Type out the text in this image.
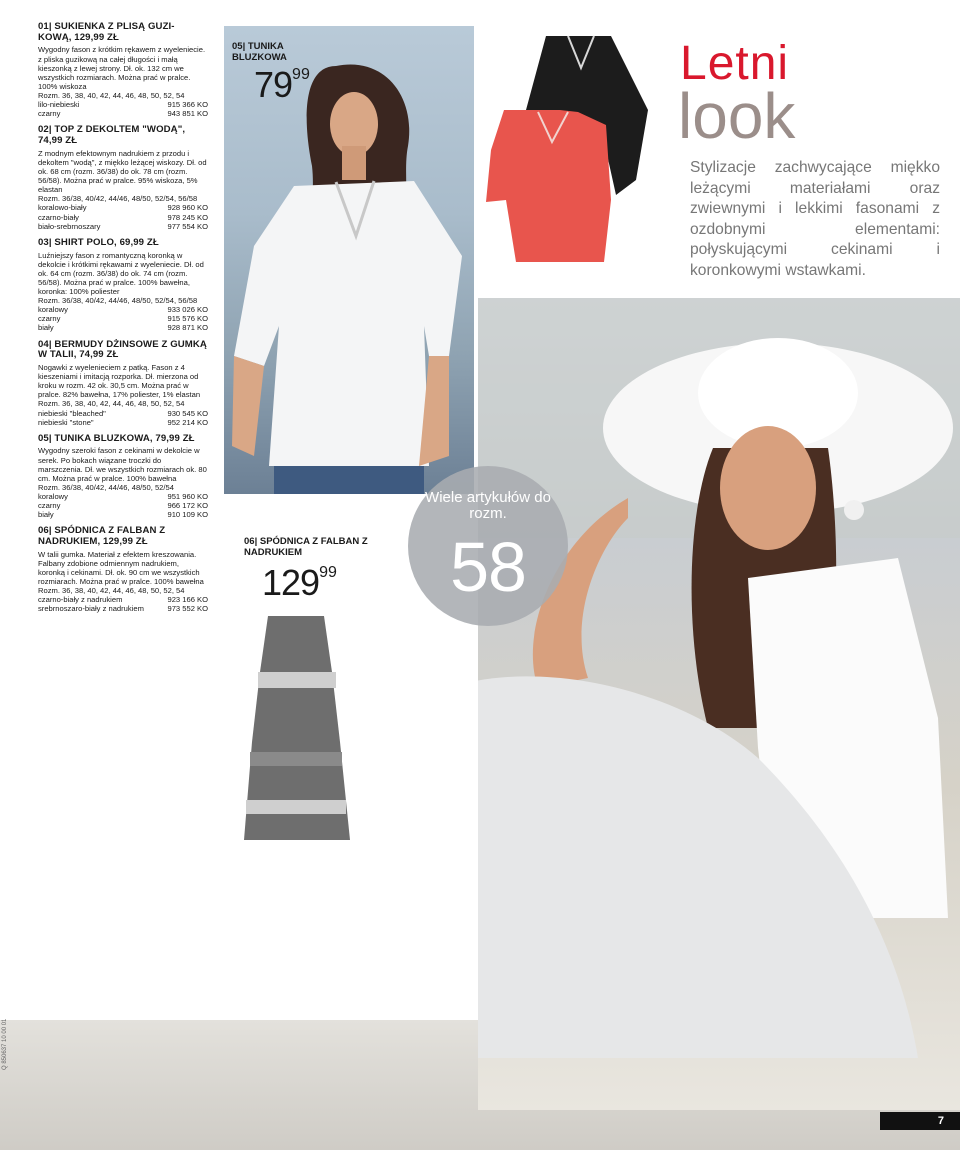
01| SUKIENKA Z PLISĄ GUZI-KOWĄ, 129,99 ZŁ

Wygodny fason z krótkim rękawem z wyeleniecie. z pliska guzikową na całej długości i małą kieszonką z lewej strony. Dł. ok. 132 cm we wszystkich rozmiarach. Można prać w pralce. 100% wiskoza

Rozm. 36, 38, 40, 42, 44, 46, 48, 50, 52, 54

lilo-niebieski	915 366 KO
czarny	943 851 KO
02| TOP Z DEKOLTEM "WODĄ", 74,99 ZŁ

Z modnym efektownym nadrukiem z przodu i dekoltem "wodą", z miękko leżącej wiskozy. Dł. od ok. 68 cm (rozm. 36/38) do ok. 78 cm (rozm. 56/58). Można prać w pralce. 95% wiskoza, 5% elastan

Rozm. 36/38, 40/42, 44/46, 48/50, 52/54, 56/58

koralowo-biały	928 960 KO
czarno-biały	978 245 KO
biało-srebrnoszary	977 554 KO
03| SHIRT POLO, 69,99 ZŁ

Luźniejszy fason z romantyczną koronką w dekolcie i krótkimi rękawami z wyeleniecie. Dł. od ok. 64 cm (rozm. 36/38) do ok. 74 cm (rozm. 56/58). Można prać w pralce. 100% bawełna, koronka: 100% poliester

Rozm. 36/38, 40/42, 44/46, 48/50, 52/54, 56/58

koralowy	933 026 KO
czarny	915 576 KO
biały	928 871 KO
04| BERMUDY DŻINSOWE Z GUMKĄ W TALII, 74,99 ZŁ

Nogawki z wyelenieciem z patką. Fason z 4 kieszeniami i imitacją rozporka. Dł. mierzona od kroku w rozm. 42 ok. 30,5 cm. Można prać w pralce. 82% bawełna, 17% poliester, 1% elastan

Rozm. 36, 38, 40, 42, 44, 46, 48, 50, 52, 54

niebieski "bleached"	930 545 KO
niebieski "stone"	952 214 KO
05| TUNIKA BLUZKOWA, 79,99 ZŁ

Wygodny szeroki fason z cekinami w dekolcie w serek. Po bokach wiązane troczki do marszczenia. Dł. we wszystkich rozmiarach ok. 80 cm. Można prać w pralce. 100% bawełna

Rozm. 36/38, 40/42, 44/46, 48/50, 52/54

koralowy	951 960 KO
czarny	966 172 KO
biały	910 109 KO
06| SPÓDNICA Z FALBAN Z NADRUKIEM, 129,99 ZŁ

W talii gumka. Materiał z efektem kreszowania. Falbany zdobione odmiennym nadrukiem, koronką i cekinami. Dł. ok. 90 cm we wszystkich rozmiarach. Można prać w pralce. 100% bawełna

Rozm. 36, 38, 40, 42, 44, 46, 48, 50, 52, 54

czarno-biały z nadrukiem	923 166 KO
srebrnoszaro-biały z nadrukiem	973 552 KO
05| TUNIKA BLUZKOWA
7999	Letni
look
Stylizacje zachwycające miękko leżącymi materiałami oraz zwiewnymi i lekkimi fasonami z ozdobnymi elementami: połyskującymi cekinami i koronkowymi wstawkami.
06| SPÓDNICA Z FALBAN Z NADRUKIEM
12999
Wiele artykułów do rozm.
58
7
